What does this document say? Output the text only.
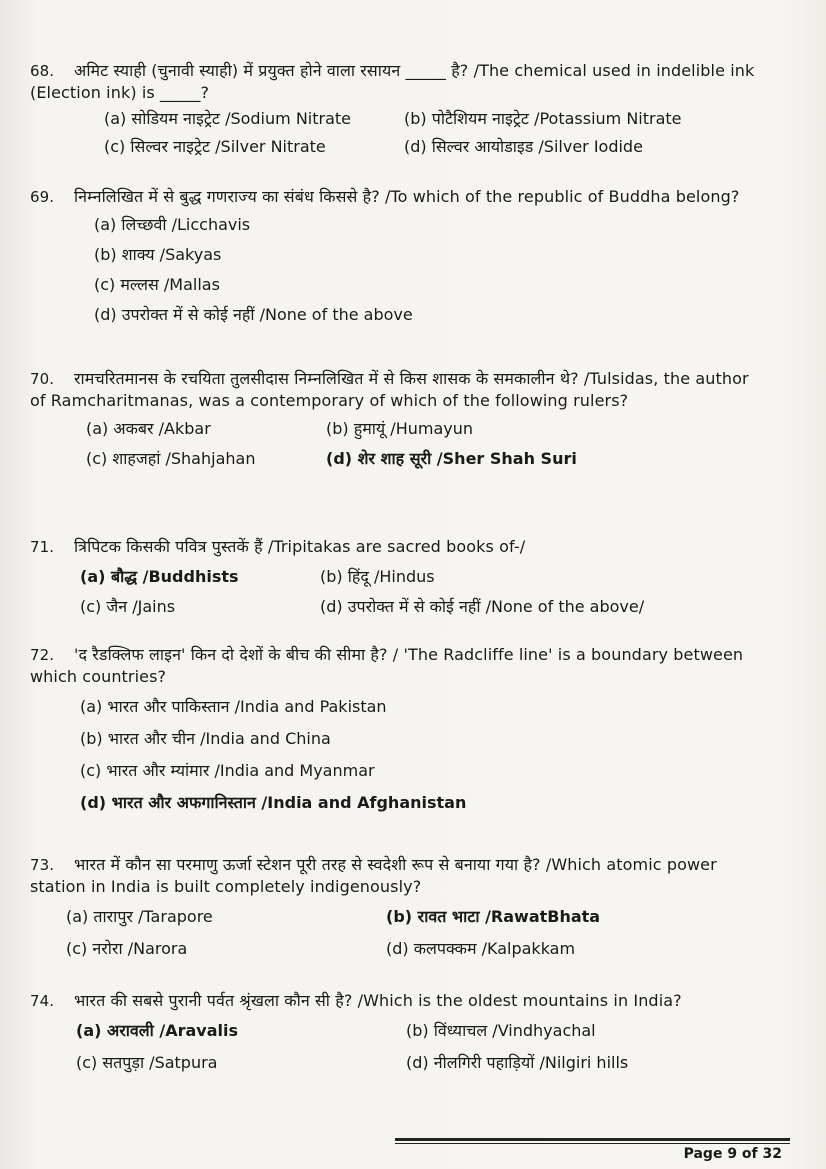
68. अमिट स्याही (चुनावी स्याही) में प्रयुक्त होने वाला रसायन _____ है? /The chemical used in indelible ink (Election ink) is _____?
(a) सोडियम नाइट्रेट /Sodium Nitrate	(b) पोटैशियम नाइट्रेट /Potassium Nitrate
(c) सिल्वर नाइट्रेट /Silver Nitrate	(d) सिल्वर आयोडाइड /Silver Iodide
69. निम्नलिखित में से बुद्ध गणराज्य का संबंध किससे है? /To which of the republic of Buddha belong?
(a) लिच्छवी /Licchavis
(b) शाक्य /Sakyas
(c) मल्लस /Mallas
(d) उपरोक्त में से कोई नहीं /None of the above
70. रामचरितमानस के रचयिता तुलसीदास निम्नलिखित में से किस शासक के समकालीन थे? /Tulsidas, the author of Ramcharitmanas, was a contemporary of which of the following rulers?
(a) अकबर /Akbar	(b) हुमायूं /Humayun
(c) शाहजहां /Shahjahan	(d) शेर शाह सूरी /Sher Shah Suri
71. त्रिपिटक किसकी पवित्र पुस्तकें हैं /Tripitakas are sacred books of-/
(a) बौद्ध /Buddhists	(b) हिंदू /Hindus
(c) जैन /Jains	(d) उपरोक्त में से कोई नहीं /None of the above/
72. 'द रैडक्लिफ लाइन' किन दो देशों के बीच की सीमा है? / 'The Radcliffe line' is a boundary between which countries?
(a) भारत और पाकिस्तान /India and Pakistan
(b) भारत और चीन /India and China
(c) भारत और म्यांमार /India and Myanmar
(d) भारत और अफगानिस्तान /India and Afghanistan
73. भारत में कौन सा परमाणु ऊर्जा स्टेशन पूरी तरह से स्वदेशी रूप से बनाया गया है? /Which atomic power station in India is built completely indigenously?
(a) तारापुर /Tarapore	(b) रावत भाटा /RawatBhata
(c) नरोरा /Narora	(d) कलपक्कम /Kalpakkam
74. भारत की सबसे पुरानी पर्वत श्रृंखला कौन सी है? /Which is the oldest mountains in India?
(a) अरावली /Aravalis	(b) विंध्याचल /Vindhyachal
(c) सतपुड़ा /Satpura	(d) नीलगिरी पहाड़ियों /Nilgiri hills
Page 9 of 32
